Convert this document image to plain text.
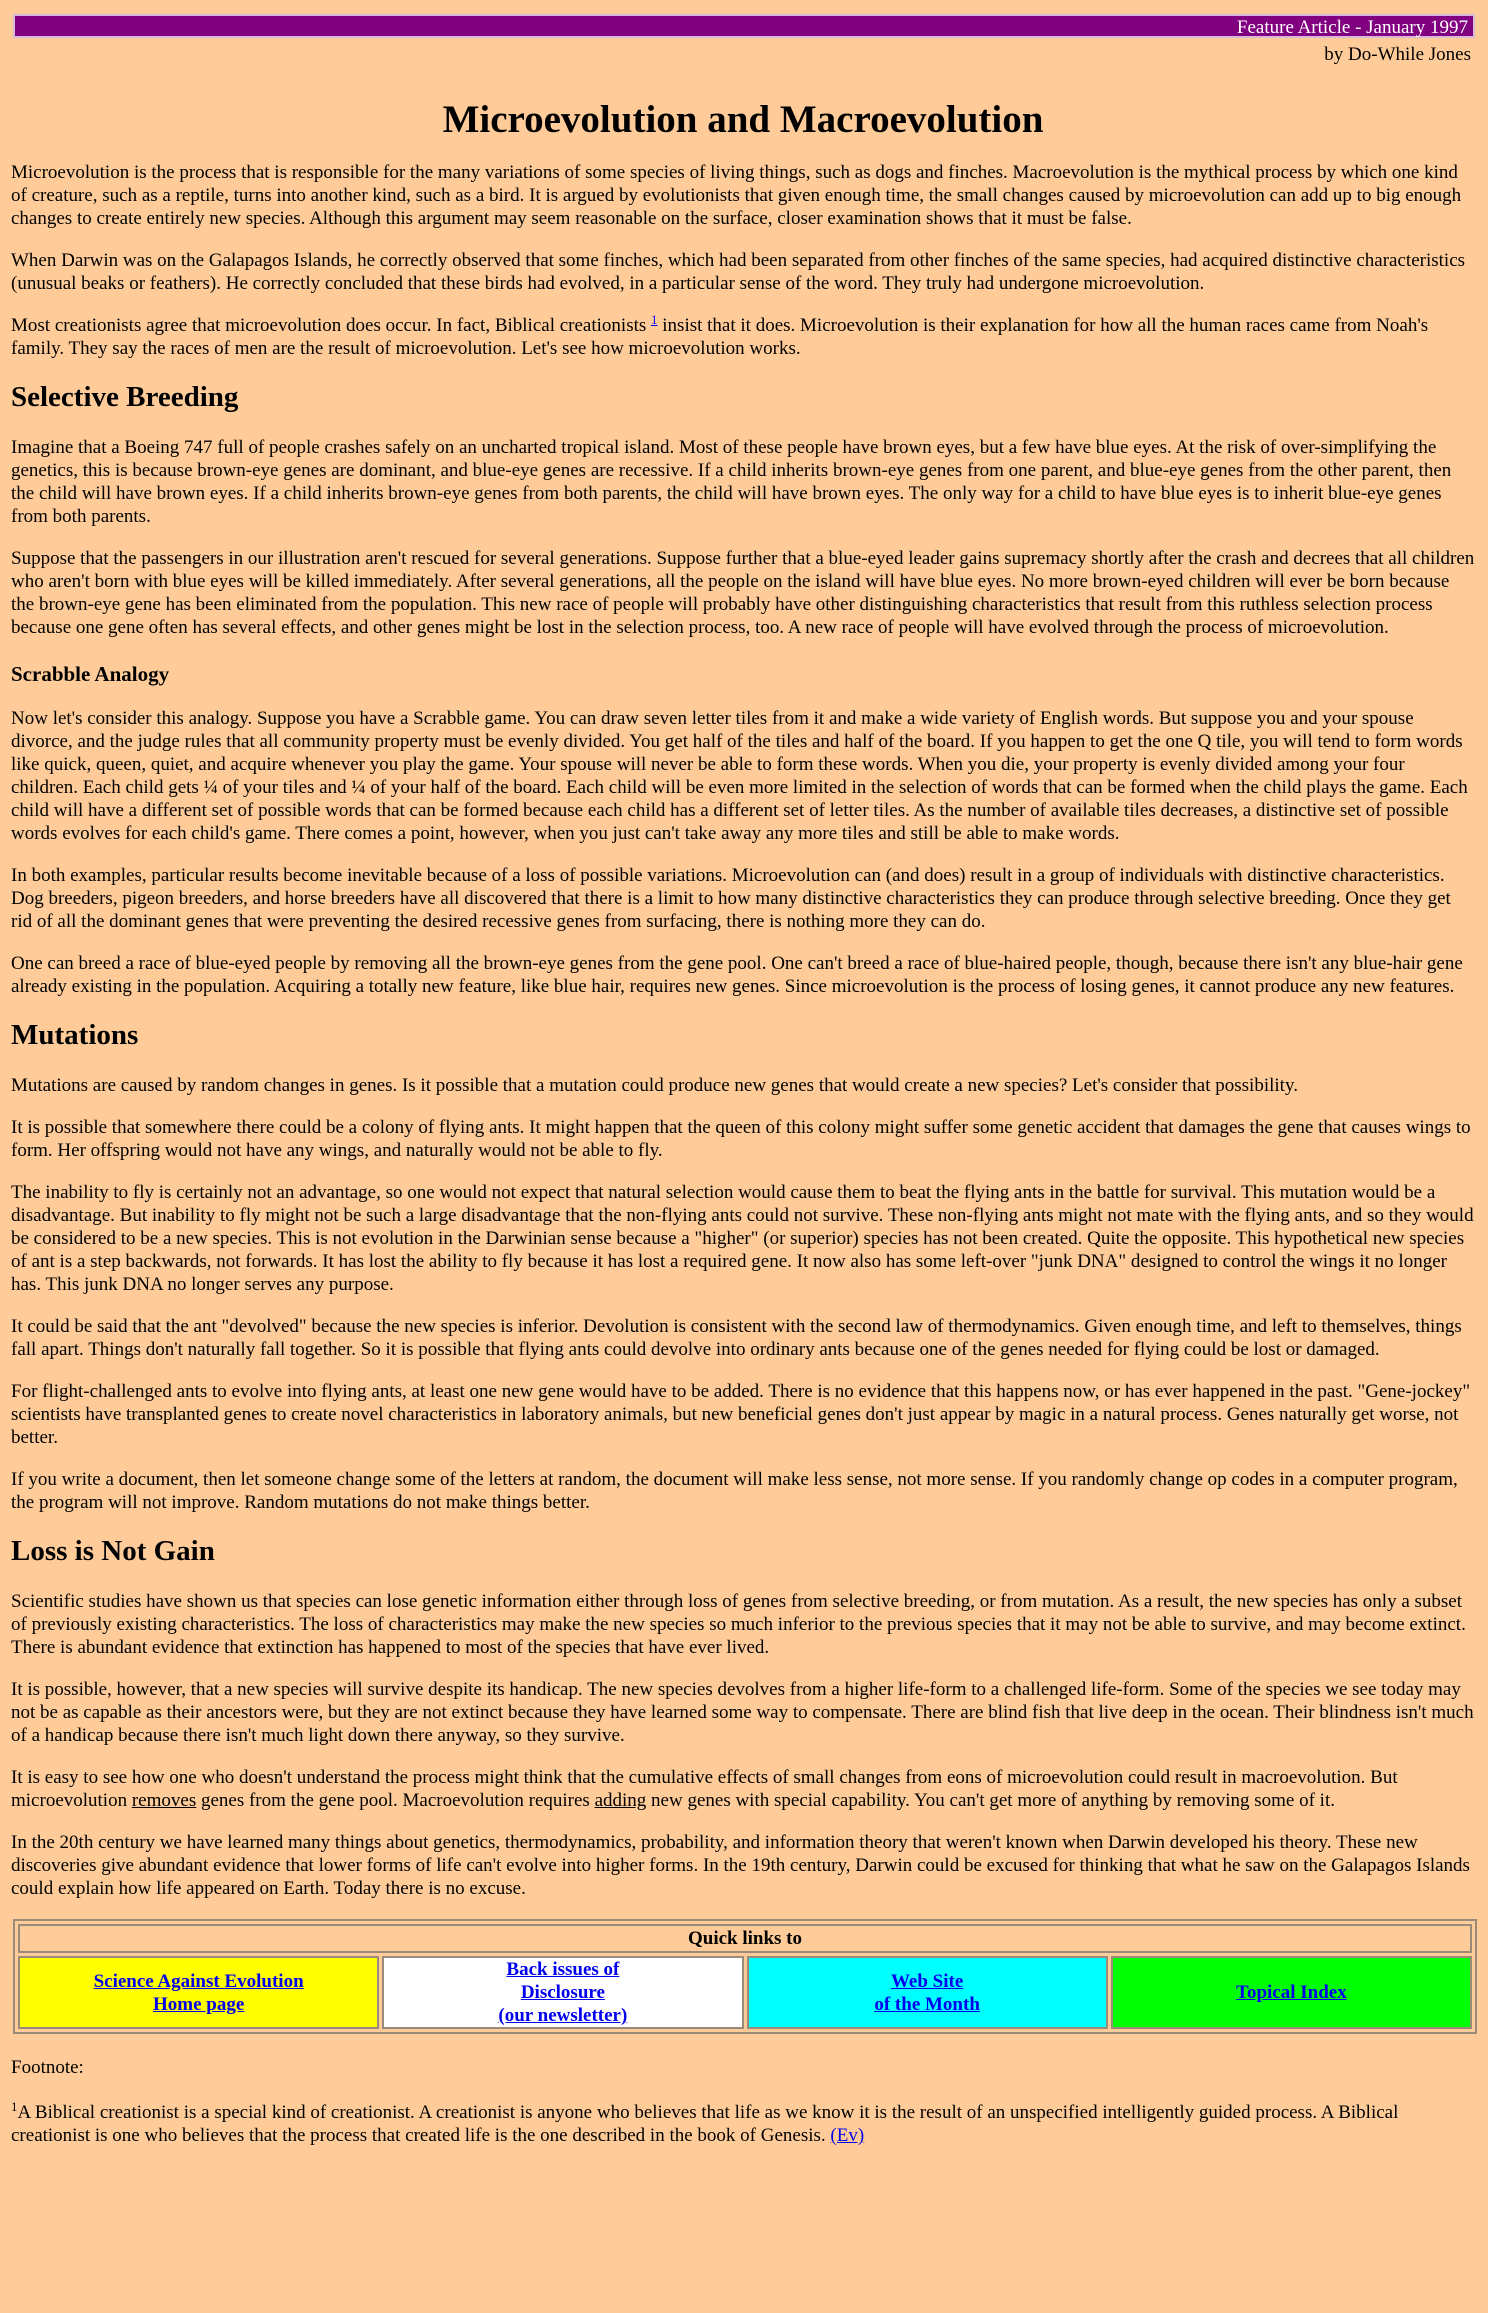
Feature Article - January 1997
by Do-While Jones
Microevolution and Macroevolution

Microevolution is the process that is responsible for the many variations of some species of living things, such as dogs and finches. Macroevolution is the mythical process by which one kind of creature, such as a reptile, turns into another kind, such as a bird. It is argued by evolutionists that given enough time, the small changes caused by microevolution can add up to big enough changes to create entirely new species. Although this argument may seem reasonable on the surface, closer examination shows that it must be false.

When Darwin was on the Galapagos Islands, he correctly observed that some finches, which had been separated from other finches of the same species, had acquired distinctive characteristics (unusual beaks or feathers). He correctly concluded that these birds had evolved, in a particular sense of the word. They truly had undergone microevolution.

Most creationists agree that microevolution does occur. In fact, Biblical creationists $^1$ insist that it does. Microevolution is their explanation for how all the human races came from Noah's family. They say the races of men are the result of microevolution. Let's see how microevolution works.

Selective Breeding

Imagine that a Boeing 747 full of people crashes safely on an uncharted tropical island. Most of these people have brown eyes, but a few have blue eyes. At the risk of over-simplifying the genetics, this is because brown-eye genes are dominant, and blue-eye genes are recessive. If a child inherits brown-eye genes from one parent, and blue-eye genes from the other parent, then the child will have brown eyes. If a child inherits brown-eye genes from both parents, the child will have brown eyes. The only way for a child to have blue eyes is to inherit blue-eye genes from both parents.

Suppose that the passengers in our illustration aren't rescued for several generations. Suppose further that a blue-eyed leader gains supremacy shortly after the crash and decrees that all children who aren't born with blue eyes will be killed immediately. After several generations, all the people on the island will have blue eyes. No more brown-eyed children will ever be born because the brown-eye gene has been eliminated from the population. This new race of people will probably have other distinguishing characteristics that result from this ruthless selection process because one gene often has several effects, and other genes might be lost in the selection process, too. A new race of people will have evolved through the process of microevolution.

Scrabble Analogy

Now let's consider this analogy. Suppose you have a Scrabble game. You can draw seven letter tiles from it and make a wide variety of English words. But suppose you and your spouse divorce, and the judge rules that all community property must be evenly divided. You get half of the tiles and half of the board. If you happen to get the one Q tile, you will tend to form words like quick, queen, quiet, and acquire whenever you play the game. Your spouse will never be able to form these words. When you die, your property is evenly divided among your four children. Each child gets ¼ of your tiles and ¼ of your half of the board. Each child will be even more limited in the selection of words that can be formed when the child plays the game. Each child will have a different set of possible words that can be formed because each child has a different set of letter tiles. As the number of available tiles decreases, a distinctive set of possible words evolves for each child's game. There comes a point, however, when you just can't take away any more tiles and still be able to make words.

In both examples, particular results become inevitable because of a loss of possible variations. Microevolution can (and does) result in a group of individuals with distinctive characteristics. Dog breeders, pigeon breeders, and horse breeders have all discovered that there is a limit to how many distinctive characteristics they can produce through selective breeding. Once they get rid of all the dominant genes that were preventing the desired recessive genes from surfacing, there is nothing more they can do.

One can breed a race of blue-eyed people by removing all the brown-eye genes from the gene pool. One can't breed a race of blue-haired people, though, because there isn't any blue-hair gene already existing in the population. Acquiring a totally new feature, like blue hair, requires new genes. Since microevolution is the process of losing genes, it cannot produce any new features.

Mutations

Mutations are caused by random changes in genes. Is it possible that a mutation could produce new genes that would create a new species? Let's consider that possibility.

It is possible that somewhere there could be a colony of flying ants. It might happen that the queen of this colony might suffer some genetic accident that damages the gene that causes wings to form. Her offspring would not have any wings, and naturally would not be able to fly.

The inability to fly is certainly not an advantage, so one would not expect that natural selection would cause them to beat the flying ants in the battle for survival. This mutation would be a disadvantage. But inability to fly might not be such a large disadvantage that the non-flying ants could not survive. These non-flying ants might not mate with the flying ants, and so they would be considered to be a new species. This is not evolution in the Darwinian sense because a "higher" (or superior) species has not been created. Quite the opposite. This hypothetical new species of ant is a step backwards, not forwards. It has lost the ability to fly because it has lost a required gene. It now also has some left-over "junk DNA" designed to control the wings it no longer has. This junk DNA no longer serves any purpose.

It could be said that the ant "devolved" because the new species is inferior. Devolution is consistent with the second law of thermodynamics. Given enough time, and left to themselves, things fall apart. Things don't naturally fall together. So it is possible that flying ants could devolve into ordinary ants because one of the genes needed for flying could be lost or damaged.

For flight-challenged ants to evolve into flying ants, at least one new gene would have to be added. There is no evidence that this happens now, or has ever happened in the past. "Gene-jockey" scientists have transplanted genes to create novel characteristics in laboratory animals, but new beneficial genes don't just appear by magic in a natural process. Genes naturally get worse, not better.

If you write a document, then let someone change some of the letters at random, the document will make less sense, not more sense. If you randomly change op codes in a computer program, the program will not improve. Random mutations do not make things better.

Loss is Not Gain

Scientific studies have shown us that species can lose genetic information either through loss of genes from selective breeding, or from mutation. As a result, the new species has only a subset of previously existing characteristics. The loss of characteristics may make the new species so much inferior to the previous species that it may not be able to survive, and may become extinct. There is abundant evidence that extinction has happened to most of the species that have ever lived.

It is possible, however, that a new species will survive despite its handicap. The new species devolves from a higher life-form to a challenged life-form. Some of the species we see today may not be as capable as their ancestors were, but they are not extinct because they have learned some way to compensate. There are blind fish that live deep in the ocean. Their blindness isn't much of a handicap because there isn't much light down there anyway, so they survive.

It is easy to see how one who doesn't understand the process might think that the cumulative effects of small changes from eons of microevolution could result in macroevolution. But microevolution removes genes from the gene pool. Macroevolution requires adding new genes with special capability. You can't get more of anything by removing some of it.

In the 20th century we have learned many things about genetics, thermodynamics, probability, and information theory that weren't known when Darwin developed his theory. These new discoveries give abundant evidence that lower forms of life can't evolve into higher forms. In the 19th century, Darwin could be excused for thinking that what he saw on the Galapagos Islands could explain how life appeared on Earth. Today there is no excuse.

Quick links to
Science Against Evolution
Home page	Back issues of
Disclosure
(our newsletter)	Web Site
of the Month	Topical Index

Footnote:

$^1$A Biblical creationist is a special kind of creationist. A creationist is anyone who believes that life as we know it is the result of an unspecified intelligently guided process. A Biblical creationist is one who believes that the process that created life is the one described in the book of Genesis. (Ev)
